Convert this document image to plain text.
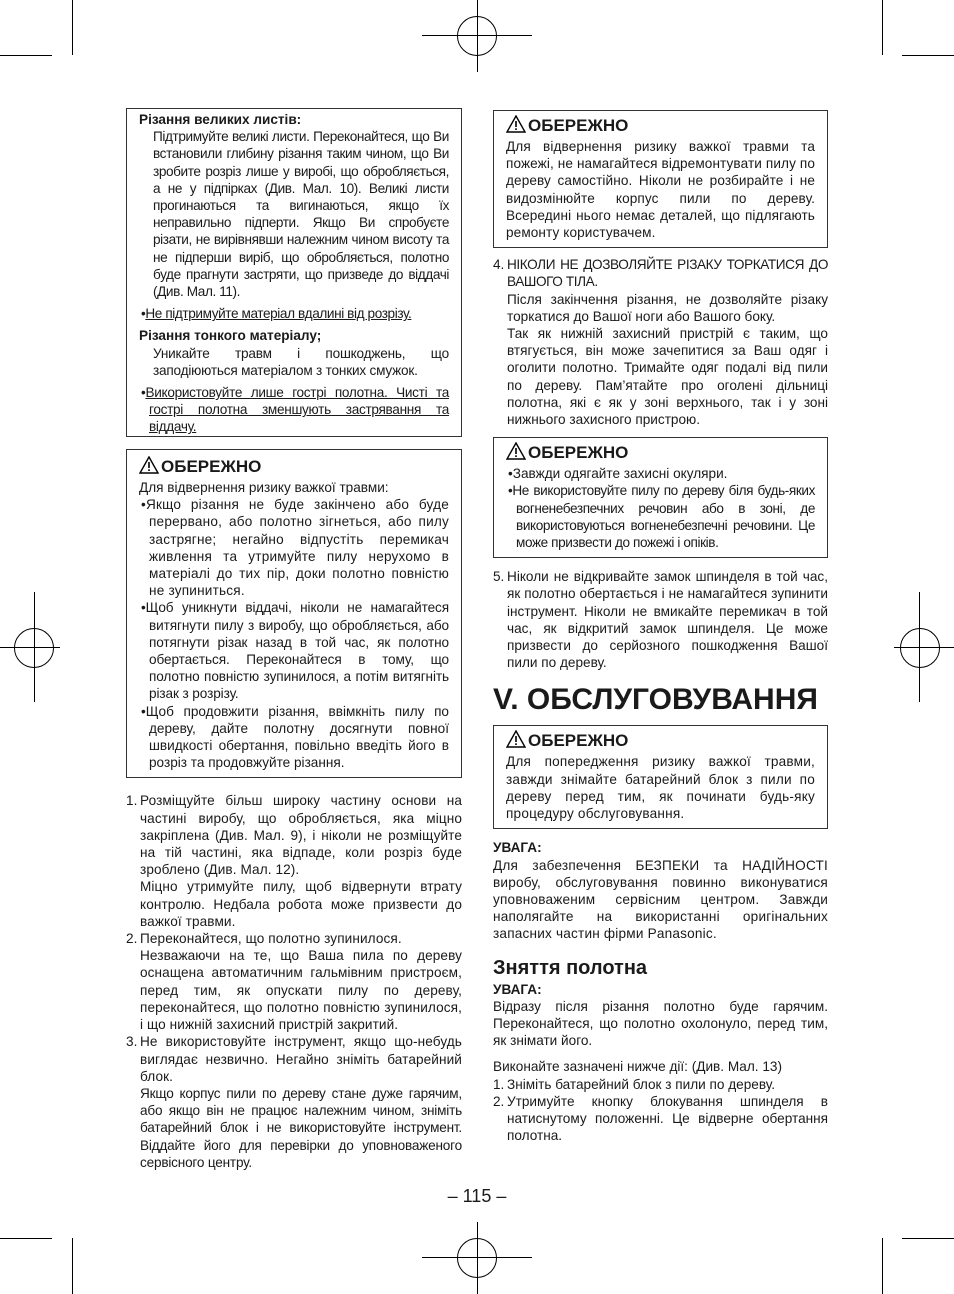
Різання великих листів:

Підтримуйте великі листи. Переконайтеся, що Ви встановили глибину різання таким чином, що Ви зробите розріз лише у виробі, що обробляється, а не у підпірках (Див. Мал. 10). Великі листи прогинаються та вигинаються, якщо їх неправильно підперти. Якщо Ви спробуєте різати, не вирівнявши належним чином висоту та не підперши виріб, що обробляється, полотно буде прагнути застряти, що призведе до віддачі (Див. Мал. 11).

•Не підтримуйте матеріал вдалині від розрізу.

Різання тонкого матеріалу;

Уникайте травм і пошкоджень, що заподіюються матеріалом з тонких смужок.

•Використовуйте лише гострі полотна. Чисті та гострі полотна зменшують застрявання та віддачу.

ОБЕРЕЖНО

Для відвернення ризику важкої травми:

•Якщо різання не буде закінчено або буде перервано, або полотно зігнеться, або пилу застрягне; негайно відпустіть перемикач живлення та утримуйте пилу нерухомо в матеріалі до тих пір, доки полотно повністю не зупиниться.

•Щоб уникнути віддачі, ніколи не намагайтеся витягнути пилу з виробу, що обробляється, або потягнути різак назад в той час, як полотно обертається. Переконайтеся в тому, що полотно повністю зупинилося, а потім витягніть різак з розрізу.

•Щоб продовжити різання, ввімкніть пилу по дереву, дайте полотну досягнути повної швидкості обертання, повільно введіть його в розріз та продовжуйте різання.

1. Розміщуйте більш широку частину основи на частині виробу, що обробляється, яка міцно закріплена (Див. Мал. 9), і ніколи не розміщуйте на тій частині, яка відпаде, коли розріз буде зроблено (Див. Мал. 12).

Міцно утримуйте пилу, щоб відвернути втрату контролю. Недбала робота може призвести до важкої травми.

2. Переконайтеся, що полотно зупинилося.

Незважаючи на те, що Ваша пила по дереву оснащена автоматичним гальмівним пристроєм, перед тим, як опускати пилу по дереву, переконайтеся, що полотно повністю зупинилося, і що нижній захисний пристрій закритий.

3. Не використовуйте інструмент, якщо що-небудь виглядає незвично. Негайно зніміть батарейний блок.

Якщо корпус пили по дереву стане дуже гарячим, або якщо він не працює належним чином, зніміть батарейний блок і не використовуйте інструмент. Віддайте його для перевірки до уповноваженого сервісного центру.

ОБЕРЕЖНО

Для відвернення ризику важкої травми та пожежі, не намагайтеся відремонтувати пилу по дереву самостійно. Ніколи не розбирайте і не видозмінюйте корпус пили по дереву. Всередині нього немає деталей, що підлягають ремонту користувачем.

4. НІКОЛИ НЕ ДОЗВОЛЯЙТЕ РІЗАКУ ТОРКАТИСЯ ДО ВАШОГО ТІЛА.

Після закінчення різання, не дозволяйте різаку торкатися до Вашої ноги або Вашого боку.

Так як нижній захисний пристрій є таким, що втягується, він може зачепитися за Ваш одяг і оголити полотно. Тримайте одяг подалі від пили по дереву. Пам’ятайте про оголені дільниці полотна, які є як у зоні верхнього, так і у зоні нижнього захисного пристрою.

ОБЕРЕЖНО

•Завжди одягайте захисні окуляри.

•Не використовуйте пилу по дереву біля будь-яких вогненебезпечних речовин або в зоні, де використовуються вогненебезпечні речовини. Це може призвести до пожежі і опіків.

5. Ніколи не відкривайте замок шпинделя в той час, як полотно обертається і не намагайтеся зупинити інструмент. Ніколи не вмикайте перемикач в той час, як відкритий замок шпинделя. Це може призвести до серйозного пошкодження Вашої пили по дереву.

V. ОБСЛУГОВУВАННЯ

ОБЕРЕЖНО

Для попередження ризику важкої травми, завжди знімайте батарейний блок з пили по дереву перед тим, як починати будь-яку процедуру обслуговування.

УВАГА:

Для забезпечення БЕЗПЕКИ та НАДІЙНОСТІ виробу, обслуговування повинно виконуватися уповноваженим сервісним центром. Завжди наполягайте на використанні оригінальних запасних частин фірми Panasonic.

Зняття полотна

УВАГА:

Відразу після різання полотно буде гарячим. Переконайтеся, що полотно охолонуло, перед тим, як знімати його.

Виконайте зазначені нижче дії: (Див. Мал. 13)

1. Зніміть батарейний блок з пили по дереву.

2. Утримуйте кнопку блокування шпинделя в натиснутому положенні. Це відверне обертання полотна.

– 115 –
